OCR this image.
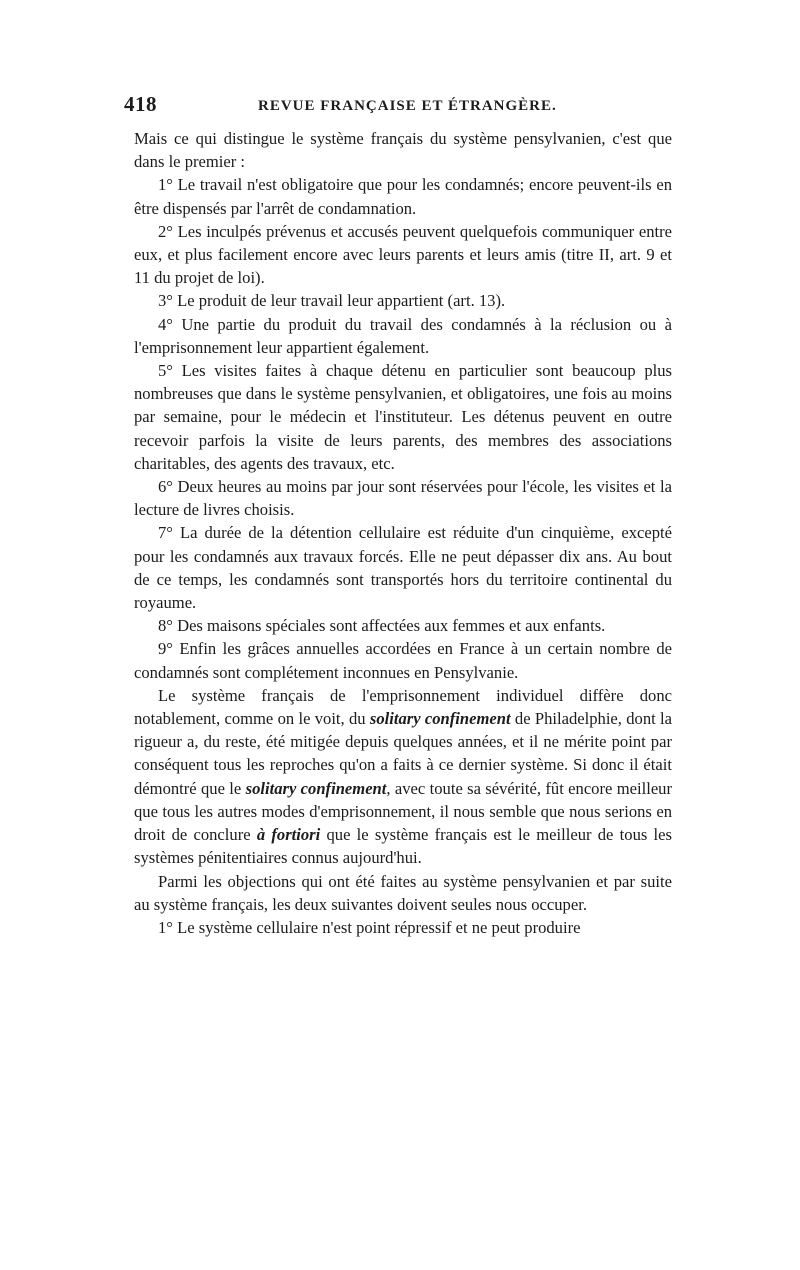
418	REVUE FRANÇAISE ET ÉTRANGÈRE.

Mais ce qui distingue le système français du système pensylvanien, c'est que dans le premier :

1° Le travail n'est obligatoire que pour les condamnés; encore peuvent-ils en être dispensés par l'arrêt de condamnation.

2° Les inculpés prévenus et accusés peuvent quelquefois communiquer entre eux, et plus facilement encore avec leurs parents et leurs amis (titre II, art. 9 et 11 du projet de loi).

3° Le produit de leur travail leur appartient (art. 13).

4° Une partie du produit du travail des condamnés à la réclusion ou à l'emprisonnement leur appartient également.

5° Les visites faites à chaque détenu en particulier sont beaucoup plus nombreuses que dans le système pensylvanien, et obligatoires, une fois au moins par semaine, pour le médecin et l'instituteur. Les détenus peuvent en outre recevoir parfois la visite de leurs parents, des membres des associations charitables, des agents des travaux, etc.

6° Deux heures au moins par jour sont réservées pour l'école, les visites et la lecture de livres choisis.

7° La durée de la détention cellulaire est réduite d'un cinquième, excepté pour les condamnés aux travaux forcés. Elle ne peut dépasser dix ans. Au bout de ce temps, les condamnés sont transportés hors du territoire continental du royaume.

8° Des maisons spéciales sont affectées aux femmes et aux enfants.

9° Enfin les grâces annuelles accordées en France à un certain nombre de condamnés sont complétement inconnues en Pensylvanie.

Le système français de l'emprisonnement individuel diffère donc notablement, comme on le voit, du solitary confinement de Philadelphie, dont la rigueur a, du reste, été mitigée depuis quelques années, et il ne mérite point par conséquent tous les reproches qu'on a faits à ce dernier système. Si donc il était démontré que le solitary confinement, avec toute sa sévérité, fût encore meilleur que tous les autres modes d'emprisonnement, il nous semble que nous serions en droit de conclure à fortiori que le système français est le meilleur de tous les systèmes pénitentiaires connus aujourd'hui.

Parmi les objections qui ont été faites au système pensylvanien et par suite au système français, les deux suivantes doivent seules nous occuper.

1° Le système cellulaire n'est point répressif et ne peut produire
